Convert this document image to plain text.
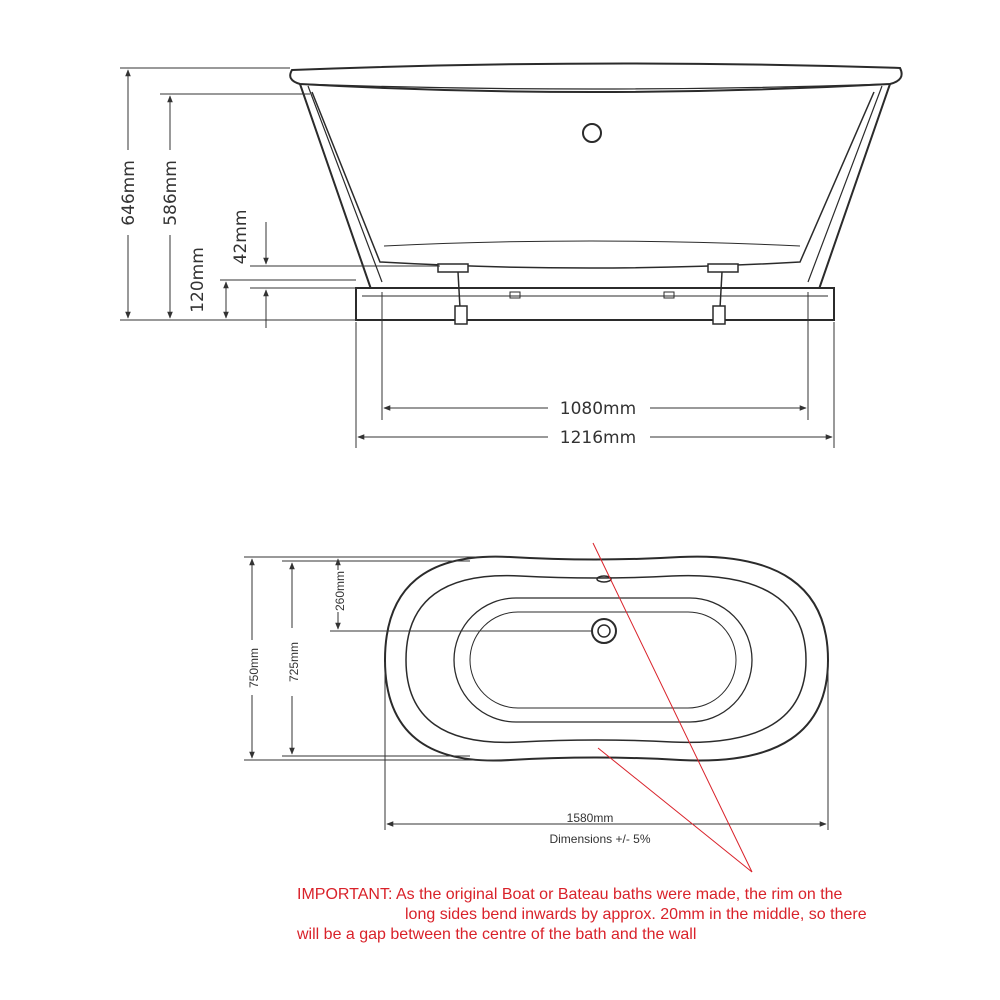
646mm 586mm
120mm
42mm
1080mm
1216mm
750mm 725mm
260mm
1580mm
Dimensions +/- 5%
IMPORTANT: As the original Boat or Bateau baths were made, the rim on the
long sides bend inwards by approx. 20mm in the middle, so there
will be a gap between the centre of the bath and the wall
